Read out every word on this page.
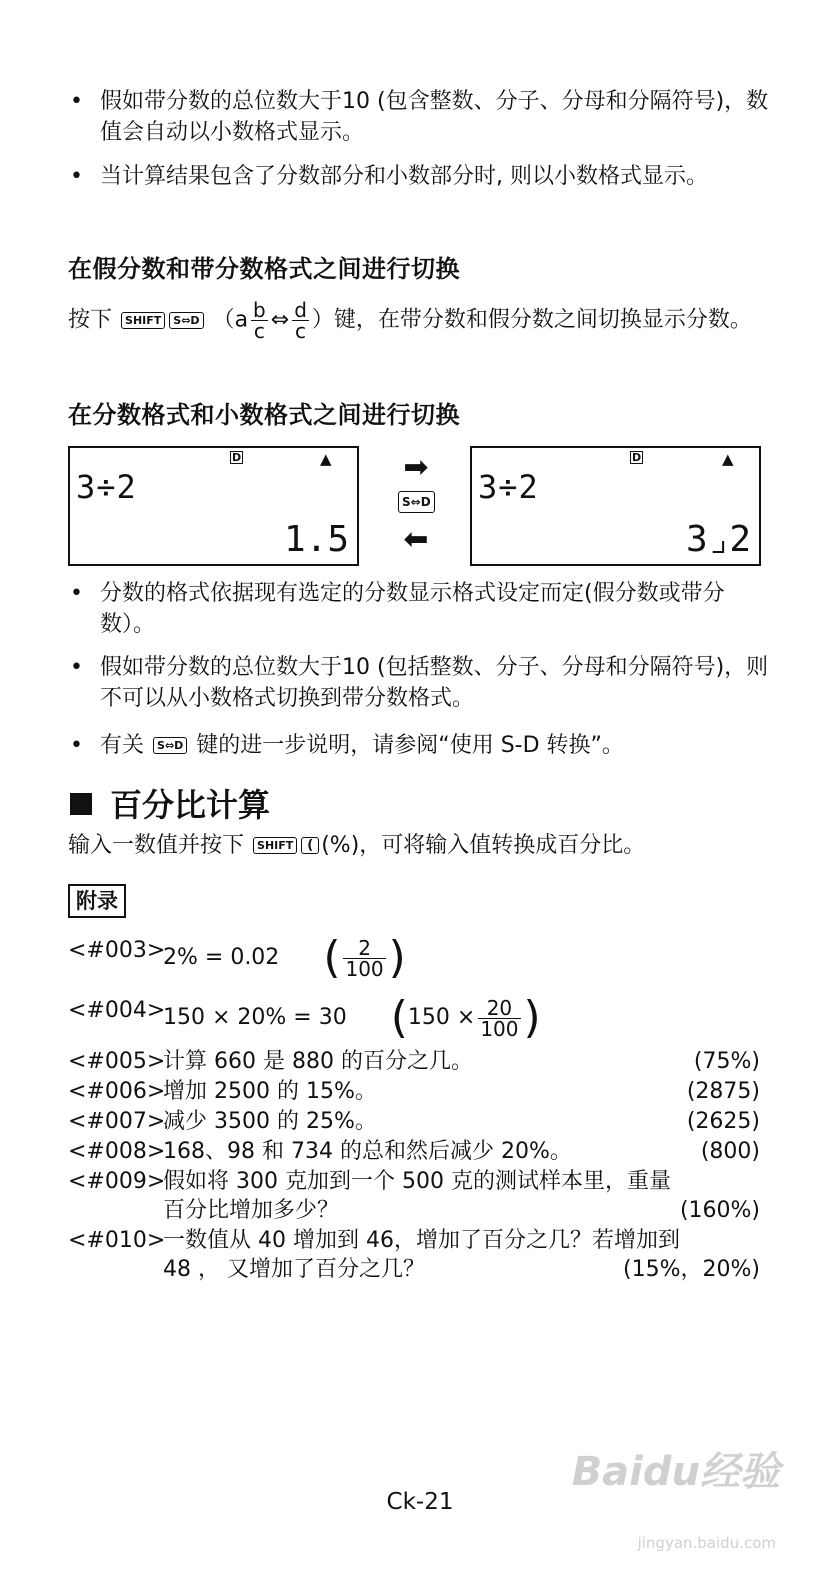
• 假如带分数的总位数大于10 (包含整数、分子、分母和分隔符号)，数值会自动以小数格式显示。
• 当计算结果包含了分数部分和小数部分时, 则以小数格式显示。
在假分数和带分数格式之间进行切换
按下 SHIFT S⇔D （$a \frac{b}{c}$ ⇔ $\frac{d}{c}$ ）键，在带分数和假分数之间切换显示分数。
在分数格式和小数格式之间进行切换
D	▲
3÷2
1.5
➡
S⇔D
⬅
D	▲
3÷2
3⌟2
• 分数的格式依据现有选定的分数显示格式设定而定(假分数或带分数）。
• 假如带分数的总位数大于10 (包括整数、分子、分母和分隔符号)，则不可以从小数格式切换到带分数格式。
• 有关 S⇔D 键的进一步说明，请参阅“使用 S-D 转换”。
百分比计算
输入一数值并按下 SHIFT ( (%)，可将输入值转换成百分比。
附录
<#003>
2% = 0.02 ( $\frac{2}{100}$ )
<#004>
150 × 20% = 30 ($150 \times \frac{20}{100}$ )
<#005>
计算 660 是 880 的百分之几。	(75%)
<#006>
增加 2500 的 15%。	(2875)
<#007>
减少 3500 的 25%。	(2625)
<#008>
168、98 和 734 的总和然后减少 20%。	(800)
<#009>
假如将 300 克加到一个 500 克的测试样本里，重量
百分比增加多少？	(160%)
<#010>
一数值从 40 增加到 46，增加了百分之几？若增加到
48 ， 又增加了百分之几？	(15%，20%)
Baidu经验
jingyan.baidu.com
Ck-21
